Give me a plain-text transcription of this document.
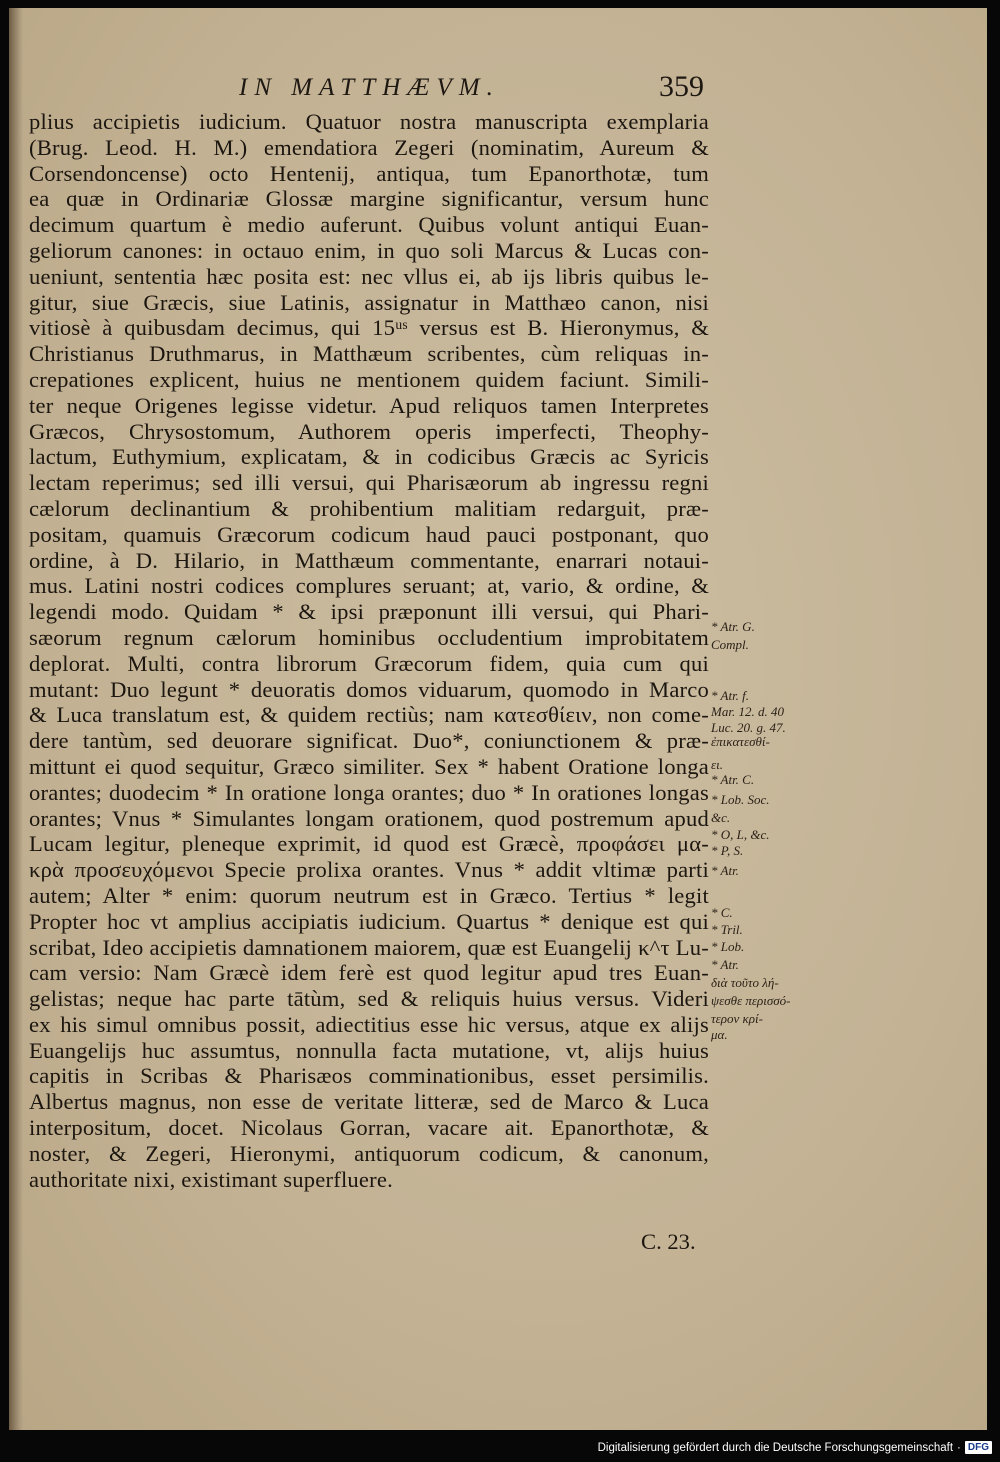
IN MATTHÆVM.	359
plius accipietis iudicium. Quatuor nostra manuscripta exemplaria
(Brug. Leod. H. M.) emendatiora Zegeri (nominatim, Aureum &
Corsendoncense) octo Hentenij, antiqua, tum Epanorthotæ, tum
ea quæ in Ordinariæ Glossæ margine significantur, versum hunc
decimum quartum è medio auferunt. Quibus volunt antiqui Euan-
geliorum canones: in octauo enim, in quo soli Marcus & Lucas con-
ueniunt, sententia hæc posita est: nec vllus ei, ab ijs libris quibus le-
gitur, siue Græcis, siue Latinis, assignatur in Matthæo canon, nisi
vitiosè à quibusdam decimus, qui 15ᵘˢ versus est B. Hieronymus, &
Christianus Druthmarus, in Matthæum scribentes, cùm reliquas in-
crepationes explicent, huius ne mentionem quidem faciunt. Simili-
ter neque Origenes legisse videtur. Apud reliquos tamen Interpretes
Græcos, Chrysostomum, Authorem operis imperfecti, Theophy-
lactum, Euthymium, explicatam, & in codicibus Græcis ac Syricis
lectam reperimus; sed illi versui, qui Pharisæorum ab ingressu regni
cælorum declinantium & prohibentium malitiam redarguit, præ-
positam, quamuis Græcorum codicum haud pauci postponant, quo
ordine, à D. Hilario, in Matthæum commentante, enarrari notaui-
mus. Latini nostri codices complures seruant; at, vario, & ordine, &
legendi modo. Quidam * & ipsi præponunt illi versui, qui Phari-
sæorum regnum cælorum hominibus occludentium improbitatem
deplorat. Multi, contra librorum Græcorum fidem, quia cum qui
mutant: Duo legunt * deuoratis domos viduarum, quomodo in Marco
& Luca translatum est, & quidem rectiùs; nam κατεσθίειν, non come-
dere tantùm, sed deuorare significat. Duo*, coniunctionem & præ-
mittunt ei quod sequitur, Græco similiter. Sex * habent Oratione longa
orantes; duodecim * In oratione longa orantes; duo * In orationes longas
orantes; Vnus * Simulantes longam orationem, quod postremum apud
Lucam legitur, pleneque exprimit, id quod est Græcè, προφάσει μα-
κρὰ προσευχόμενοι Specie prolixa orantes. Vnus * addit vltimæ parti
autem; Alter * enim: quorum neutrum est in Græco. Tertius * legit
Propter hoc vt amplius accipiatis iudicium. Quartus * denique est qui
scribat, Ideo accipietis damnationem maiorem, quæ est Euangelij κ^τ Lu-
cam versio: Nam Græcè idem ferè est quod legitur apud tres Euan-
gelistas; neque hac parte tātùm, sed & reliquis huius versus. Videri
ex his simul omnibus possit, adiectitius esse hic versus, atque ex alijs
Euangelijs huc assumtus, nonnulla facta mutatione, vt, alijs huius
capitis in Scribas & Pharisæos comminationibus, esset persimilis.
Albertus magnus, non esse de veritate litteræ, sed de Marco & Luca
interpositum, docet. Nicolaus Gorran, vacare ait. Epanorthotæ, &
noster, & Zegeri, Hieronymi, antiquorum codicum, & canonum,
authoritate nixi, existimant superfluere.
C. 23.
* Atr. G.
Compl.
* Atr. f.
Mar. 12. d. 40
Luc. 20. g. 47.
ἐπικατεσθί-
ει.
* Atr. C.
* Lob. Soc.
&c.
* O, L, &c.
* P, S.
* Atr.
* C.
* Tril.
* Lob.
* Atr.
διὰ τοῦτο λή-
ψεσθε περισσό-
τερον κρί-
μα.
Digitalisierung gefördert durch die Deutsche Forschungsgemeinschaft · DFG
